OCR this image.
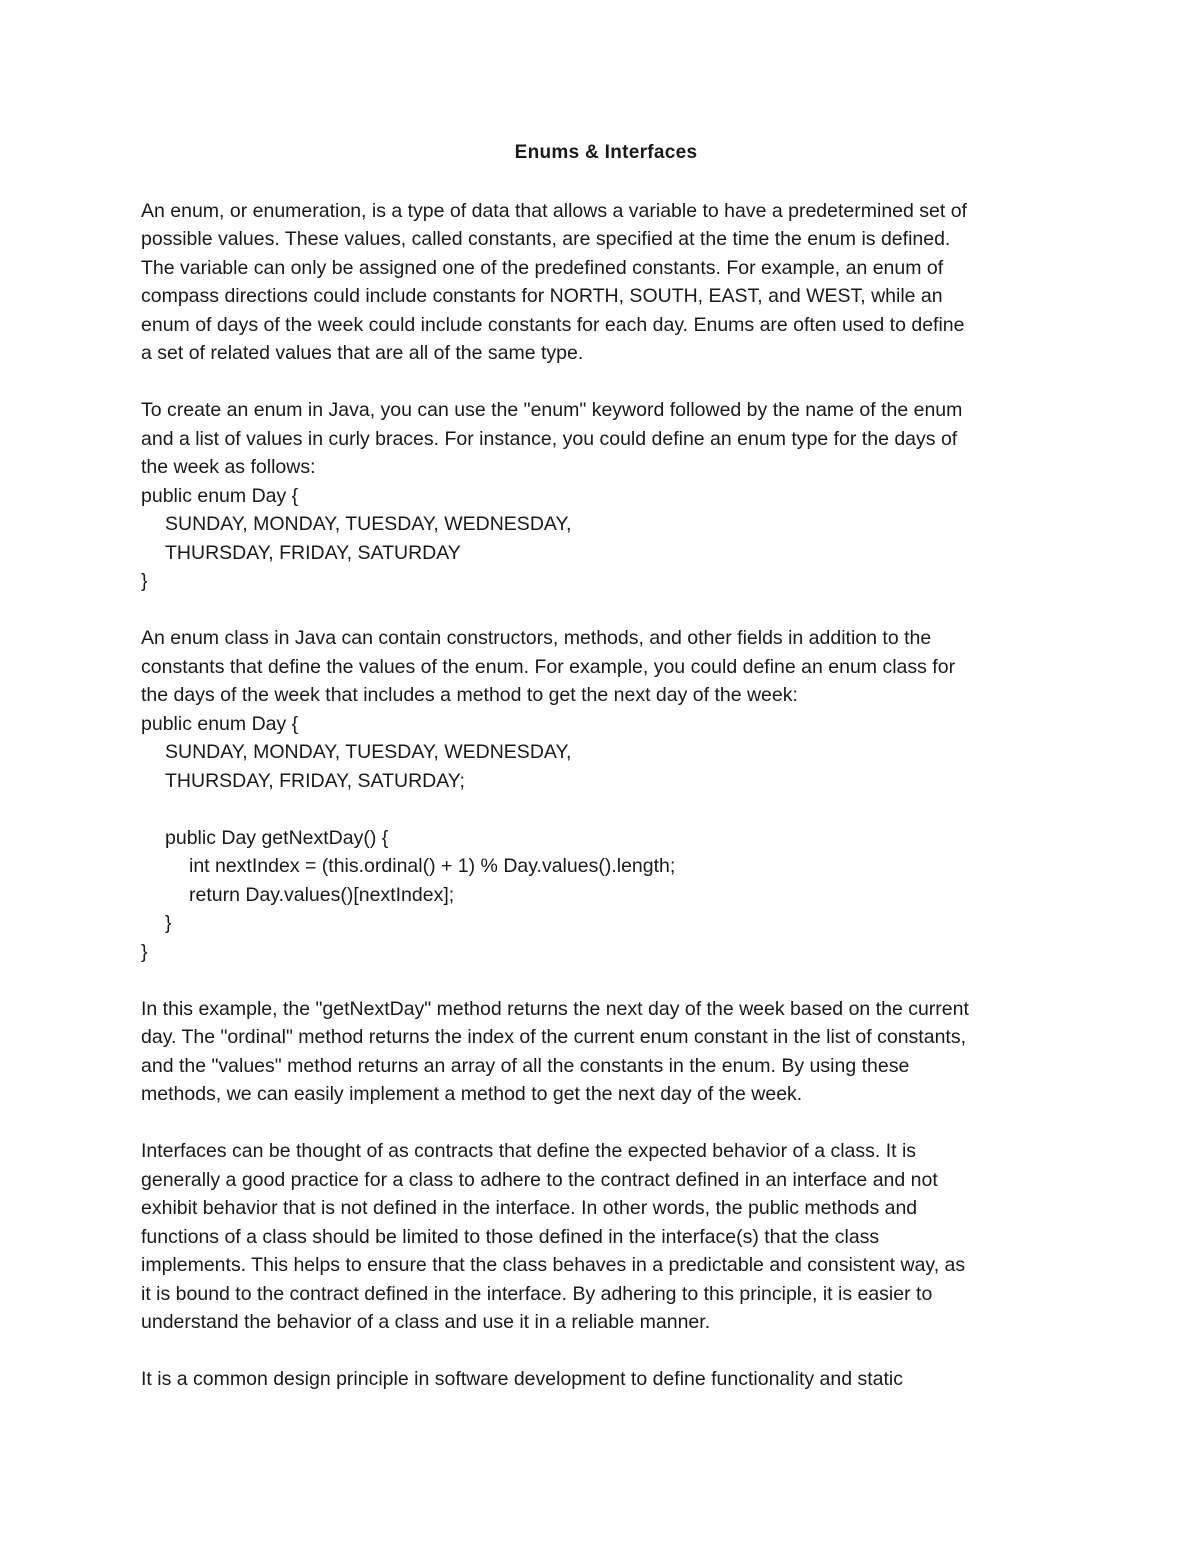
Enums & Interfaces
An enum, or enumeration, is a type of data that allows a variable to have a predetermined set of
possible values. These values, called constants, are specified at the time the enum is defined.
The variable can only be assigned one of the predefined constants. For example, an enum of
compass directions could include constants for NORTH, SOUTH, EAST, and WEST, while an
enum of days of the week could include constants for each day. Enums are often used to define
a set of related values that are all of the same type.
To create an enum in Java, you can use the "enum" keyword followed by the name of the enum
and a list of values in curly braces. For instance, you could define an enum type for the days of
the week as follows:
public enum Day {
SUNDAY, MONDAY, TUESDAY, WEDNESDAY,
THURSDAY, FRIDAY, SATURDAY
}
An enum class in Java can contain constructors, methods, and other fields in addition to the
constants that define the values of the enum. For example, you could define an enum class for
the days of the week that includes a method to get the next day of the week:
public enum Day {
SUNDAY, MONDAY, TUESDAY, WEDNESDAY,
THURSDAY, FRIDAY, SATURDAY;
public Day getNextDay() {
int nextIndex = (this.ordinal() + 1) % Day.values().length;
return Day.values()[nextIndex];
}
}
In this example, the "getNextDay" method returns the next day of the week based on the current
day. The "ordinal" method returns the index of the current enum constant in the list of constants,
and the "values" method returns an array of all the constants in the enum. By using these
methods, we can easily implement a method to get the next day of the week.
Interfaces can be thought of as contracts that define the expected behavior of a class. It is
generally a good practice for a class to adhere to the contract defined in an interface and not
exhibit behavior that is not defined in the interface. In other words, the public methods and
functions of a class should be limited to those defined in the interface(s) that the class
implements. This helps to ensure that the class behaves in a predictable and consistent way, as
it is bound to the contract defined in the interface. By adhering to this principle, it is easier to
understand the behavior of a class and use it in a reliable manner.
It is a common design principle in software development to define functionality and static
